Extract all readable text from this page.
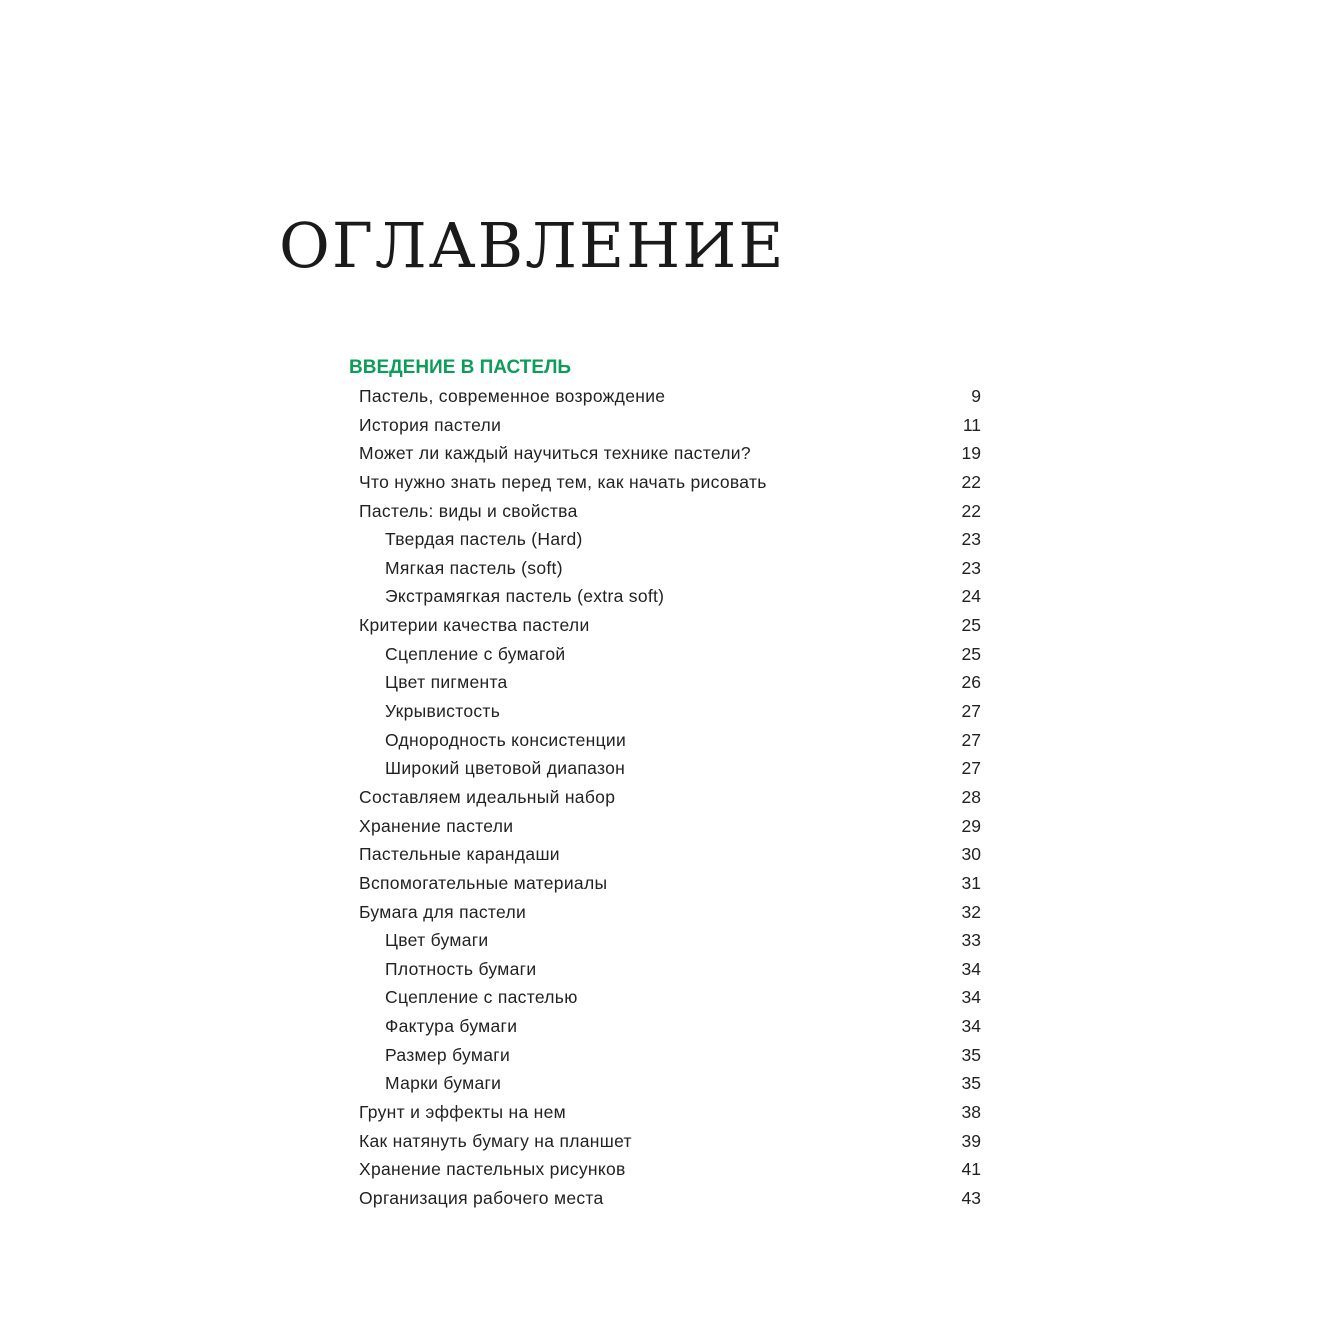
ОГЛАВЛЕНИЕ
ВВЕДЕНИЕ В ПАСТЕЛЬ
Пастель, современное возрождение	9
История пастели	11
Может ли каждый научиться технике пастели?	19
Что нужно знать перед тем, как начать рисовать	22
Пастель: виды и свойства	22
Твердая пастель (Hard)	23
Мягкая пастель (soft)	23
Экстрамягкая пастель (extra soft)	24
Критерии качества пастели	25
Сцепление с бумагой	25
Цвет пигмента	26
Укрывистость	27
Однородность консистенции	27
Широкий цветовой диапазон	27
Составляем идеальный набор	28
Хранение пастели	29
Пастельные карандаши	30
Вспомогательные материалы	31
Бумага для пастели	32
Цвет бумаги	33
Плотность бумаги	34
Сцепление с пастелью	34
Фактура бумаги	34
Размер бумаги	35
Марки бумаги	35
Грунт и эффекты на нем	38
Как натянуть бумагу на планшет	39
Хранение пастельных рисунков	41
Организация рабочего места	43
